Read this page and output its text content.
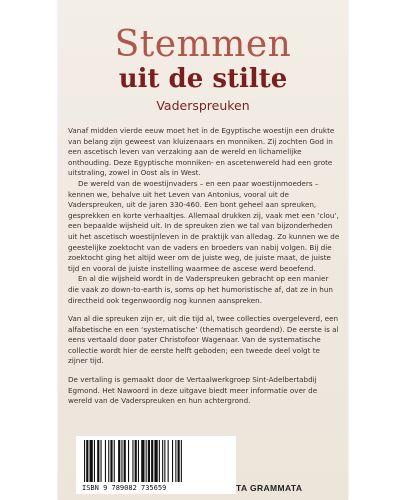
Stemmen
uit de stilte
Vaderspreuken

Vanaf midden vierde eeuw moet het in de Egyptische woestijn een drukte van belang zijn geweest van kluizenaars en monniken. Zij zochten God in een ascetisch leven van verzaking aan de wereld en lichamelijke onthouding. Deze Egyptische monniken- en ascetenwereld had een grote uitstraling, zowel in Oost als in West.

De wereld van de woestijnvaders – en een paar woestijnmoeders – kennen we, behalve uit het Leven van Antonius, vooral uit de Vaderspreuken, uit de jaren 330-460. Een bont geheel aan spreuken, gesprekken en korte verhaaltjes. Allemaal drukken zij, vaak met een ‘clou’, een bepaalde wijsheid uit. In de spreuken zien we tal van bijzonderheden uit het ascetisch woestijnleven in de praktijk van alledag. Zo kunnen we de geestelijke zoektocht van de vaders en broeders van nabij volgen. Bij die zoektocht ging het altijd weer om de juiste weg, de juiste maat, de juiste tijd en vooral de juiste instelling waarmee de ascese werd beoefend.

En al die wijsheid wordt in de Vaderspreuken gebracht op een manier die vaak zo down-to-earth is, soms op het humoristische af, dat ze in hun directheid ook tegenwoordig nog kunnen aanspreken.

Van al die spreuken zijn er, uit die tijd al, twee collecties overgeleverd, een alfabetische en een ‘systematische’ (thematisch geordend). De eerste is al eens vertaald door pater Christofoor Wagenaar. Van de systematische collectie wordt hier de eerste helft geboden; een tweede deel volgt te zijner tijd.

De vertaling is gemaakt door de Vertaalwerkgroep Sint-Adelbertabdij Egmond. Het Nawoord in deze uitgave biedt meer informatie over de wereld van de Vaderspreuken en hun achtergrond.

ISBN 9 789082 735659	TA GRAMMATA
